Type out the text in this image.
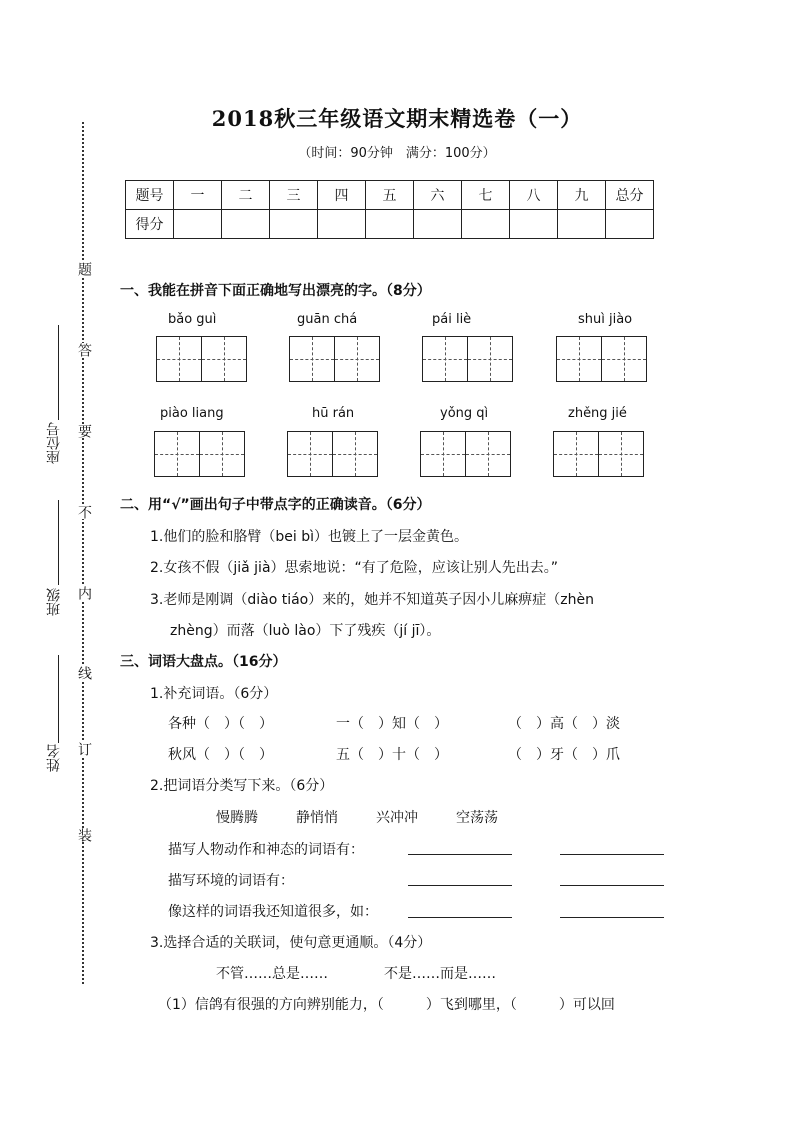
题
答
要
不
内
线
订
装
座位号
班级
姓名
2018秋三年级语文期末精选卷（一）
（时间：90分钟　满分：100分）
题号	一	二	三	四	五	六	七	八	九	总分
得分										
一、我能在拼音下面正确地写出漂亮的字。（8分）
bǎo guì	guān chá	pái liè	shuì jiào
piào liang	hū rán	yǒng qì	zhěng jié
二、用“√”画出句子中带点字的正确读音。（6分）
1.他们的脸和胳臂（bei bì）也镀上了一层金黄色。
2.女孩不假（jiǎ jià）思索地说：“有了危险，应该让别人先出去。”
3.老师是刚调（diào tiáo）来的，她并不知道英子因小儿麻痹症（zhèn
zhèng）而落（luò lào）下了残疾（jí jī）。
三、词语大盘点。（16分）
1.补充词语。（6分）
各种（　）（　）	一（　）知（　）	（　）高（　）淡
秋风（　）（　）	五（　）十（　）	（　）牙（　）爪
2.把词语分类写下来。（6分）
慢腾腾	静悄悄	兴冲冲	空荡荡
描写人物动作和神态的词语有：
描写环境的词语有：
像这样的词语我还知道很多，如：
3.选择合适的关联词，使句意更通顺。（4分）
不管……总是……	不是……而是……
（1）信鸽有很强的方向辨别能力，（　　　）飞到哪里，（　　　）可以回
